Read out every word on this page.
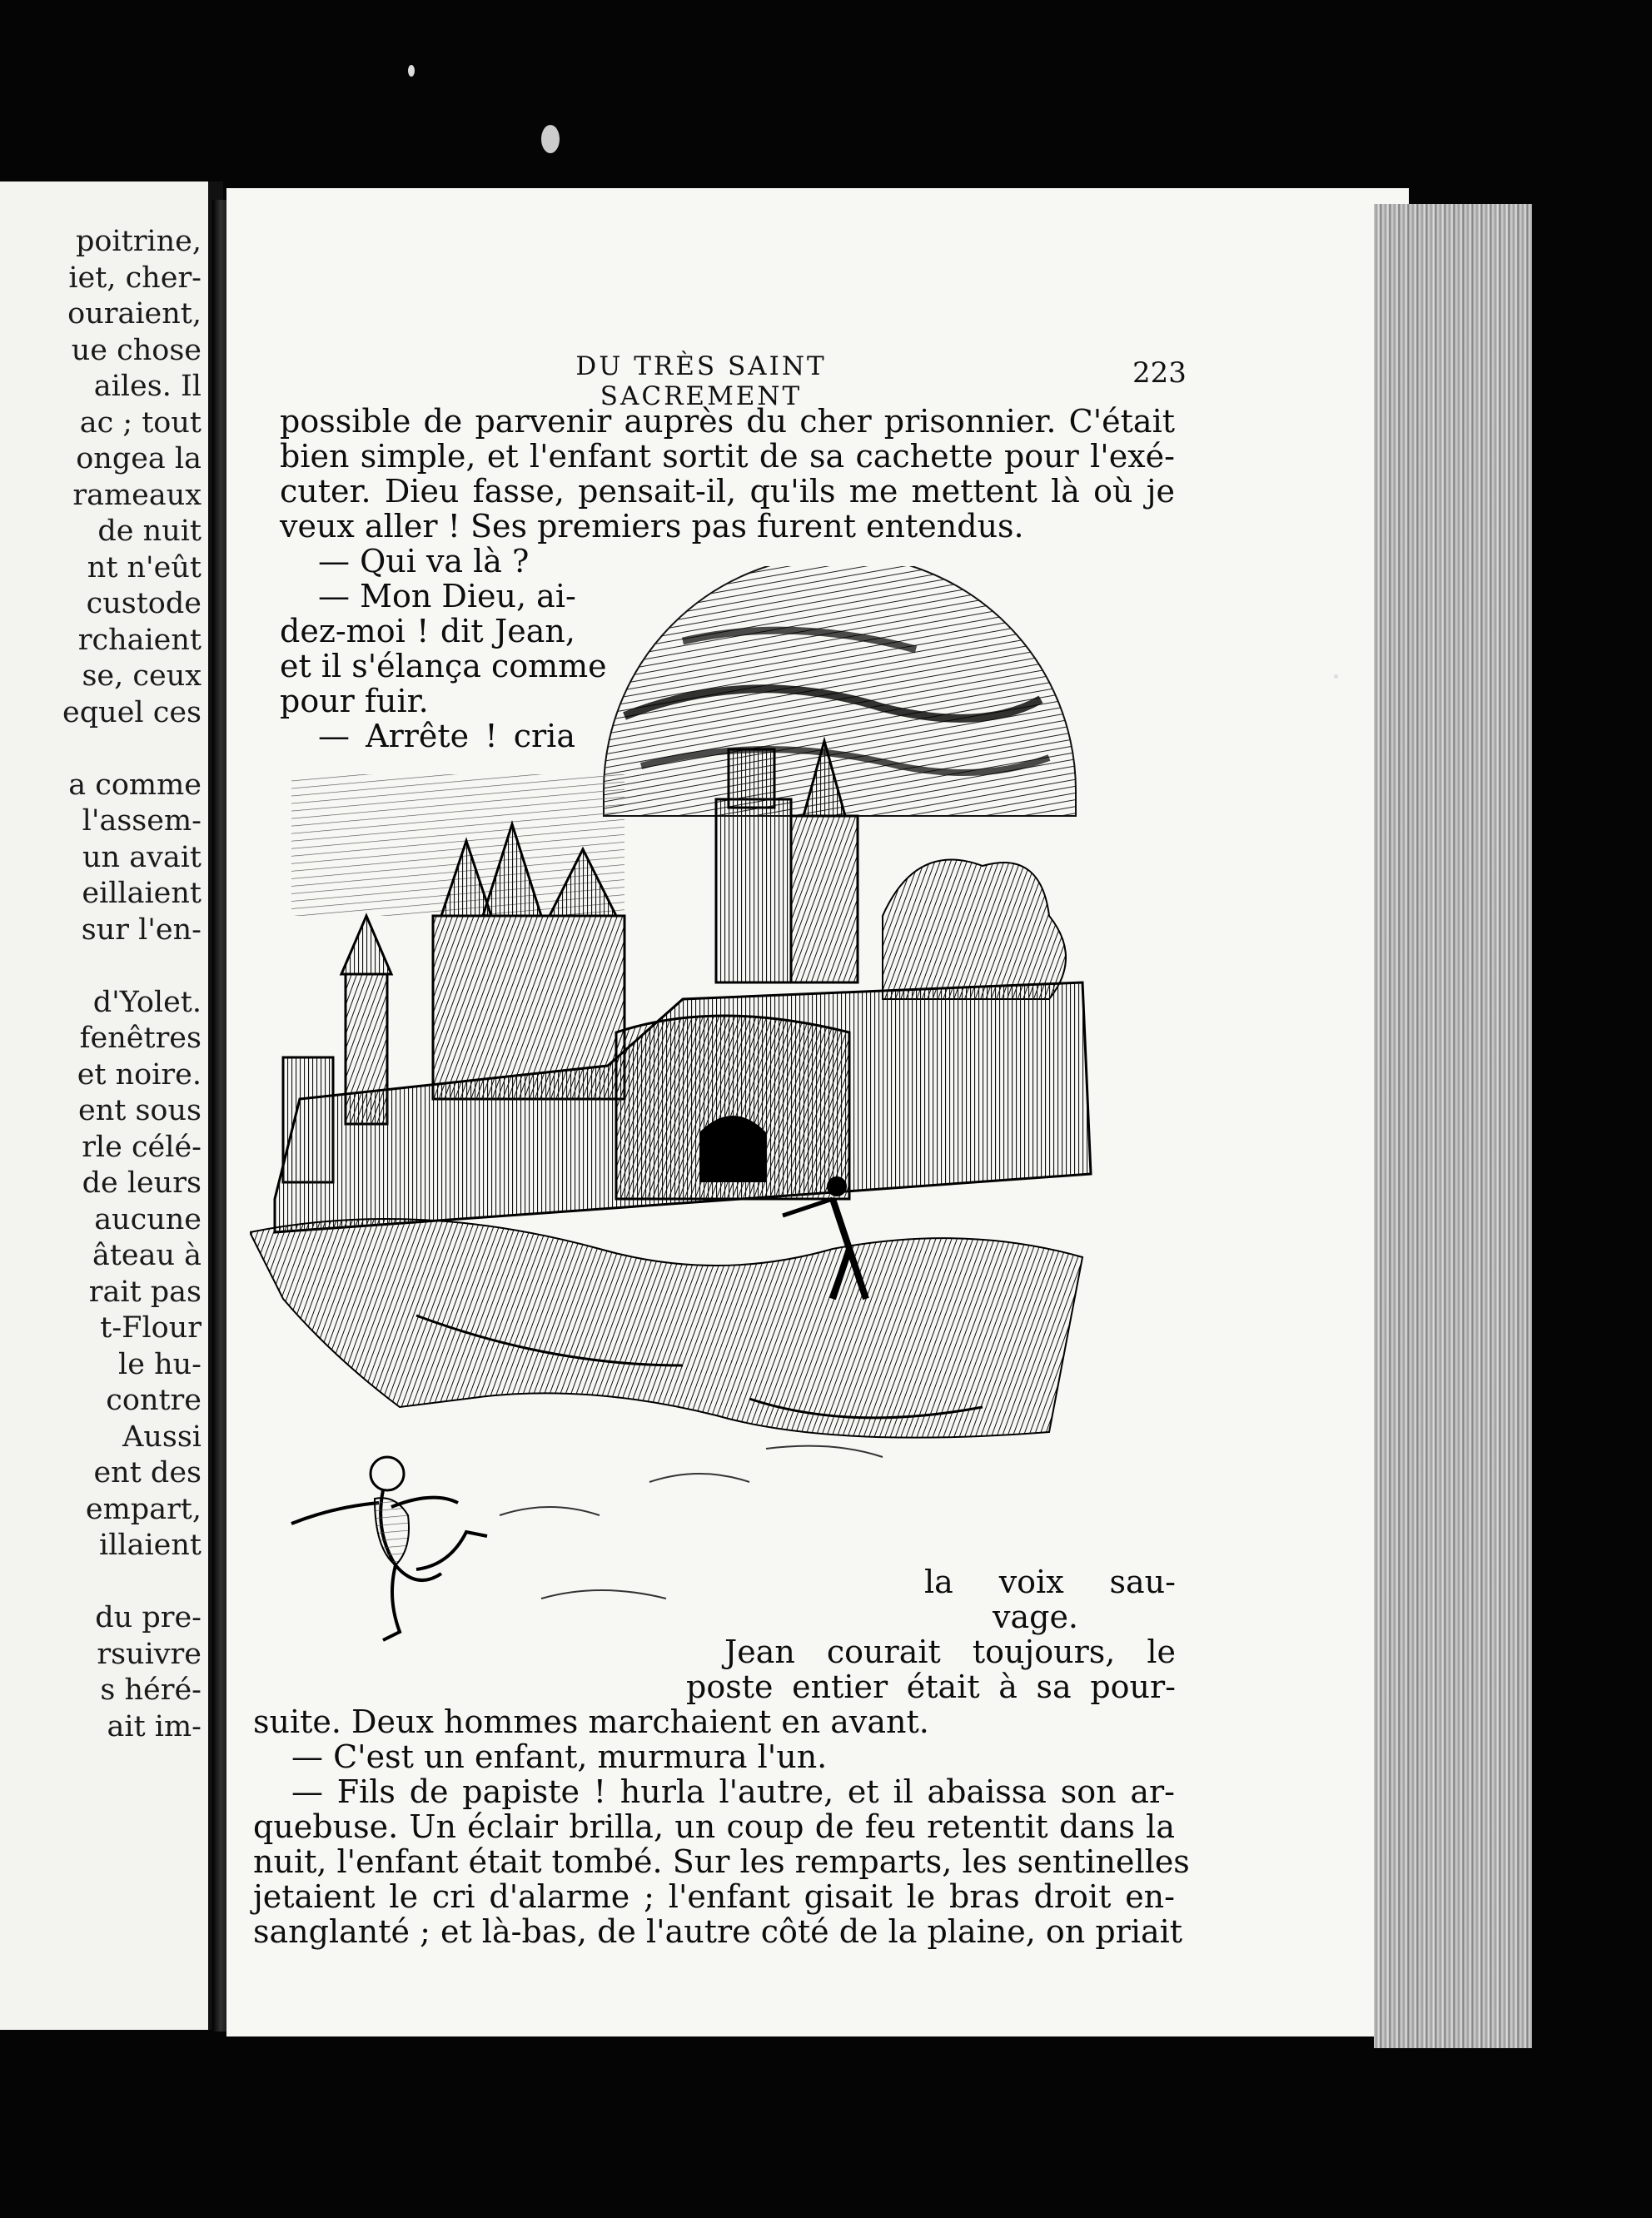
poitrine,
iet, cher-
ouraient,
ue chose
ailes. Il
ac ; tout
ongea la
rameaux
de nuit
nt n'eût
custode
rchaient
se, ceux
equel ces
a comme
l'assem-
un avait
eillaient
sur l'en-
d'Yolet.
fenêtres
et noire.
ent sous
rle célé-
de leurs
aucune
âteau à
rait pas
t-Flour
le hu-
contre
Aussi
ent des
empart,
illaient
du pre-
rsuivre
s héré-
ait im-
DU TRÈS SAINT SACREMENT
223
possible de parvenir auprès du cher prisonnier. C'était
bien simple, et l'enfant sortit de sa cachette pour l'exé-
cuter. Dieu fasse, pensait-il, qu'ils me mettent là où je
veux aller ! Ses premiers pas furent entendus.
— Qui va là ?
— Mon Dieu, ai-
dez-moi ! dit Jean,
et il s'élança comme
pour fuir.
— Arrête ! cria
la voix sau-
vage.
Jean courait toujours, le
poste entier était à sa pour-
suite. Deux hommes marchaient en avant.
— C'est un enfant, murmura l'un.
— Fils de papiste ! hurla l'autre, et il abaissa son ar-
quebuse. Un éclair brilla, un coup de feu retentit dans la
nuit, l'enfant était tombé. Sur les remparts, les sentinelles
jetaient le cri d'alarme ; l'enfant gisait le bras droit en-
sanglanté ; et là-bas, de l'autre côté de la plaine, on priait
